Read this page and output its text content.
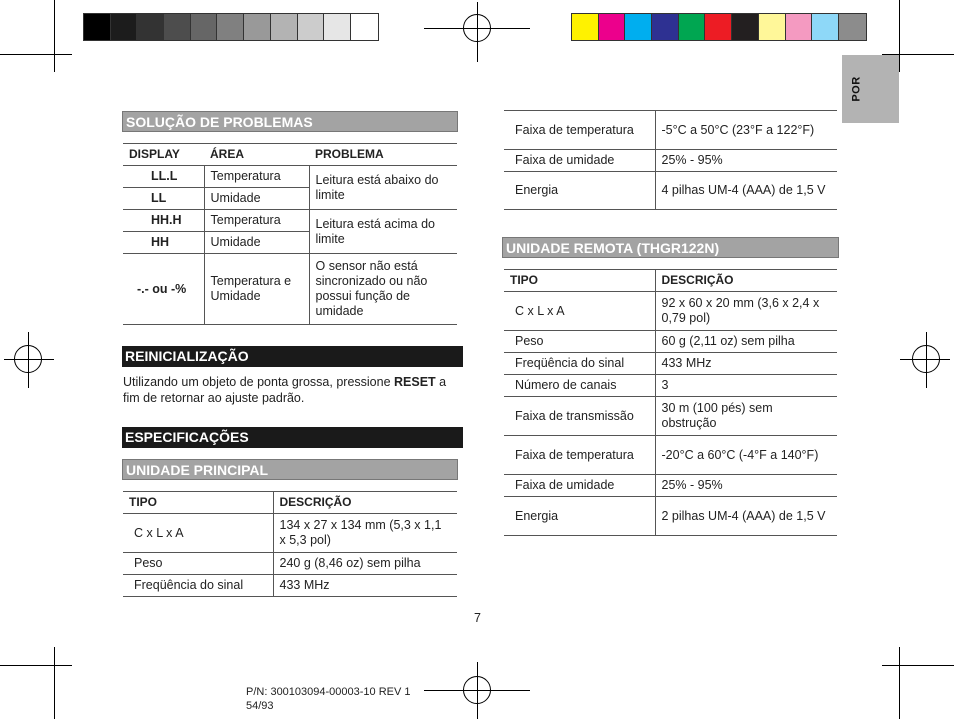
POR
SOLUÇÃO DE PROBLEMAS
DISPLAY	ÁREA	PROBLEMA
LL.L	Temperatura	Leitura está abaixo do limite
LL	Umidade	
HH.H	Temperatura	Leitura está acima do limite
HH	Umidade	
-.- ou -%	Temperatura e Umidade	O sensor não está sincronizado ou não possui função de umidade
REINICIALIZAÇÃO
Utilizando um objeto de ponta grossa, pressione RESET a fim de retornar ao ajuste padrão.
ESPECIFICAÇÕES
UNIDADE PRINCIPAL
TIPO	DESCRIÇÃO
C x L x A	134 x 27 x 134 mm (5,3 x 1,1 x 5,3 pol)
Peso	240 g (8,46 oz) sem pilha
Freqüência do sinal	433 MHz
Faixa de temperatura	-5°C a 50°C (23°F a 122°F)
Faixa de umidade	25% - 95%
Energia	4 pilhas UM-4 (AAA) de 1,5 V
UNIDADE REMOTA (THGR122N)
TIPO	DESCRIÇÃO
C x L x A	92 x 60 x 20 mm (3,6 x 2,4 x 0,79 pol)
Peso	60 g (2,11 oz) sem pilha
Freqüência do sinal	433 MHz
Número de canais	3
Faixa de transmissão	30 m (100 pés) sem obstrução
Faixa de temperatura	-20°C a 60°C (-4°F a 140°F)
Faixa de umidade	25% - 95%
Energia	2 pilhas UM-4 (AAA) de 1,5 V
7
P/N: 300103094-00003-10 REV 1
54/93
